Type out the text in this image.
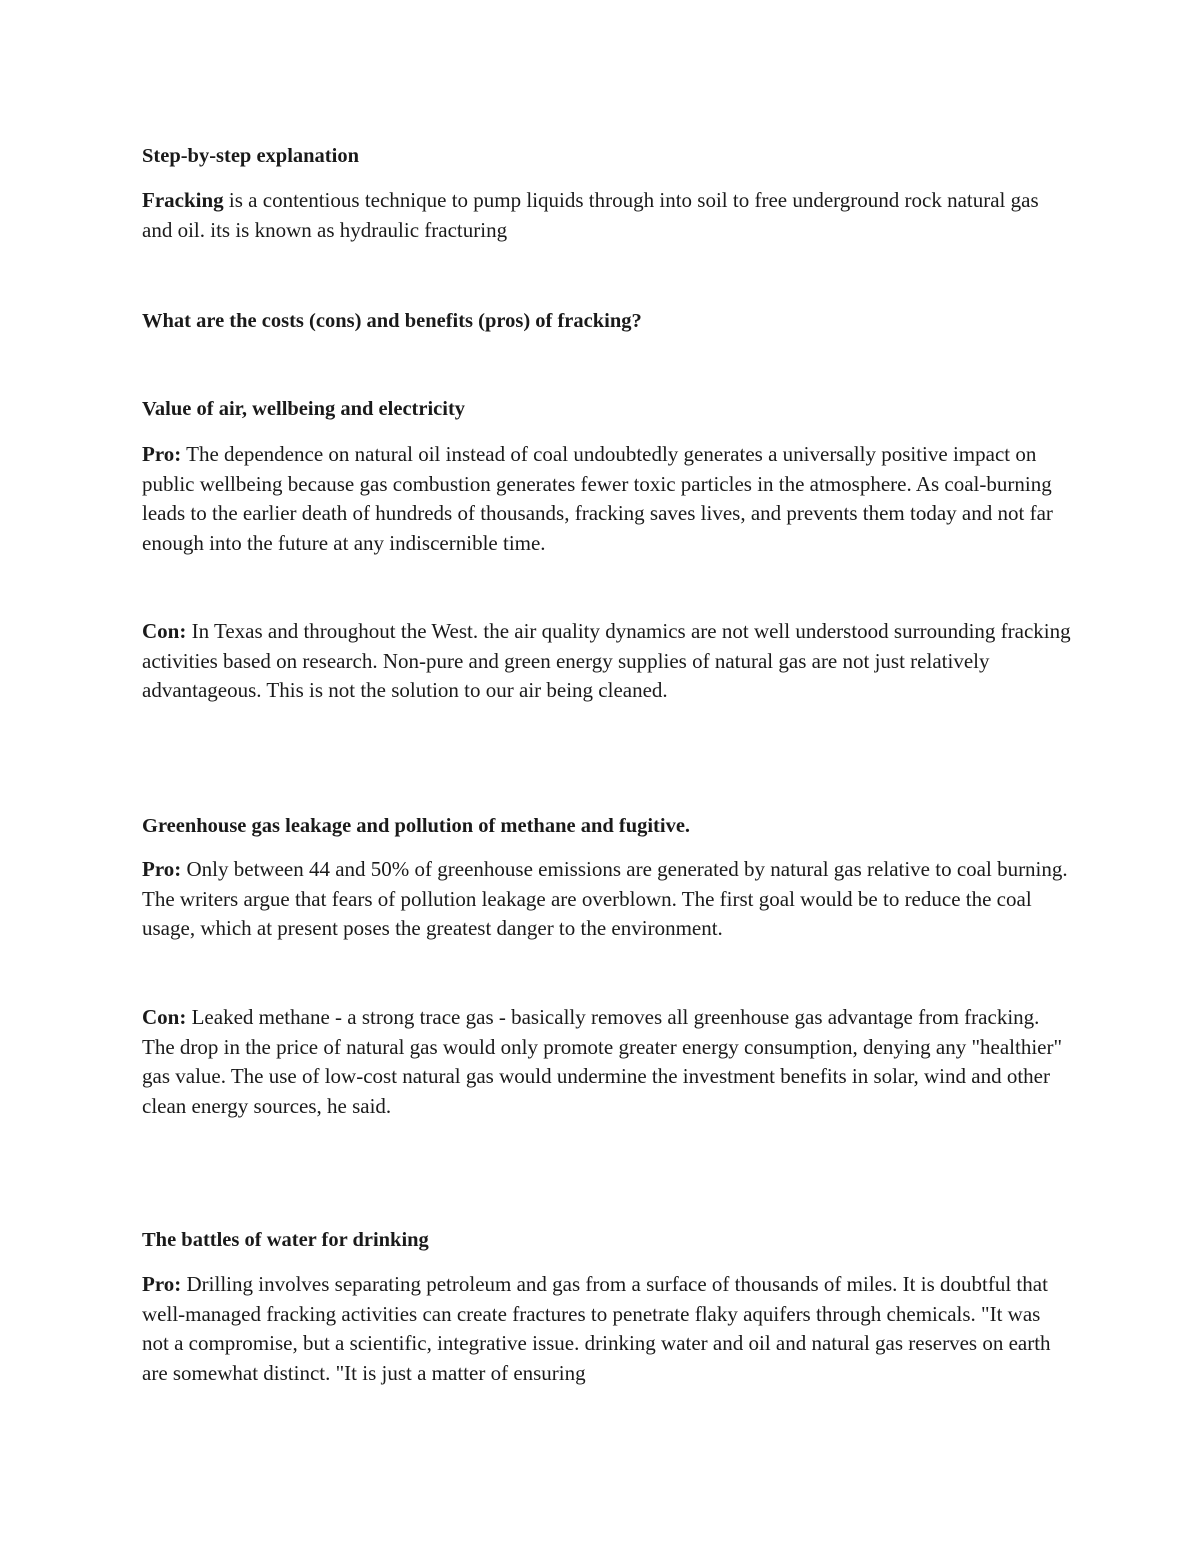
Step-by-step explanation

Fracking is a contentious technique to pump liquids through into soil to free underground rock natural gas and oil. its is known as hydraulic fracturing

What are the costs (cons) and benefits (pros) of fracking?

Value of air, wellbeing and electricity

Pro: The dependence on natural oil instead of coal undoubtedly generates a universally positive impact on public wellbeing because gas combustion generates fewer toxic particles in the atmosphere. As coal-burning leads to the earlier death of hundreds of thousands, fracking saves lives, and prevents them today and not far enough into the future at any indiscernible time.

Con: In Texas and throughout the West. the air quality dynamics are not well understood surrounding fracking activities based on research. Non-pure and green energy supplies of natural gas are not just relatively advantageous. This is not the solution to our air being cleaned.

Greenhouse gas leakage and pollution of methane and fugitive.

Pro: Only between 44 and 50% of greenhouse emissions are generated by natural gas relative to coal burning. The writers argue that fears of pollution leakage are overblown. The first goal would be to reduce the coal usage, which at present poses the greatest danger to the environment.

Con: Leaked methane - a strong trace gas - basically removes all greenhouse gas advantage from fracking. The drop in the price of natural gas would only promote greater energy consumption, denying any "healthier" gas value. The use of low-cost natural gas would undermine the investment benefits in solar, wind and other clean energy sources, he said.

The battles of water for drinking

Pro: Drilling involves separating petroleum and gas from a surface of thousands of miles. It is doubtful that well-managed fracking activities can create fractures to penetrate flaky aquifers through chemicals. "It was not a compromise, but a scientific, integrative issue. drinking water and oil and natural gas reserves on earth are somewhat distinct. "It is just a matter of ensuring
